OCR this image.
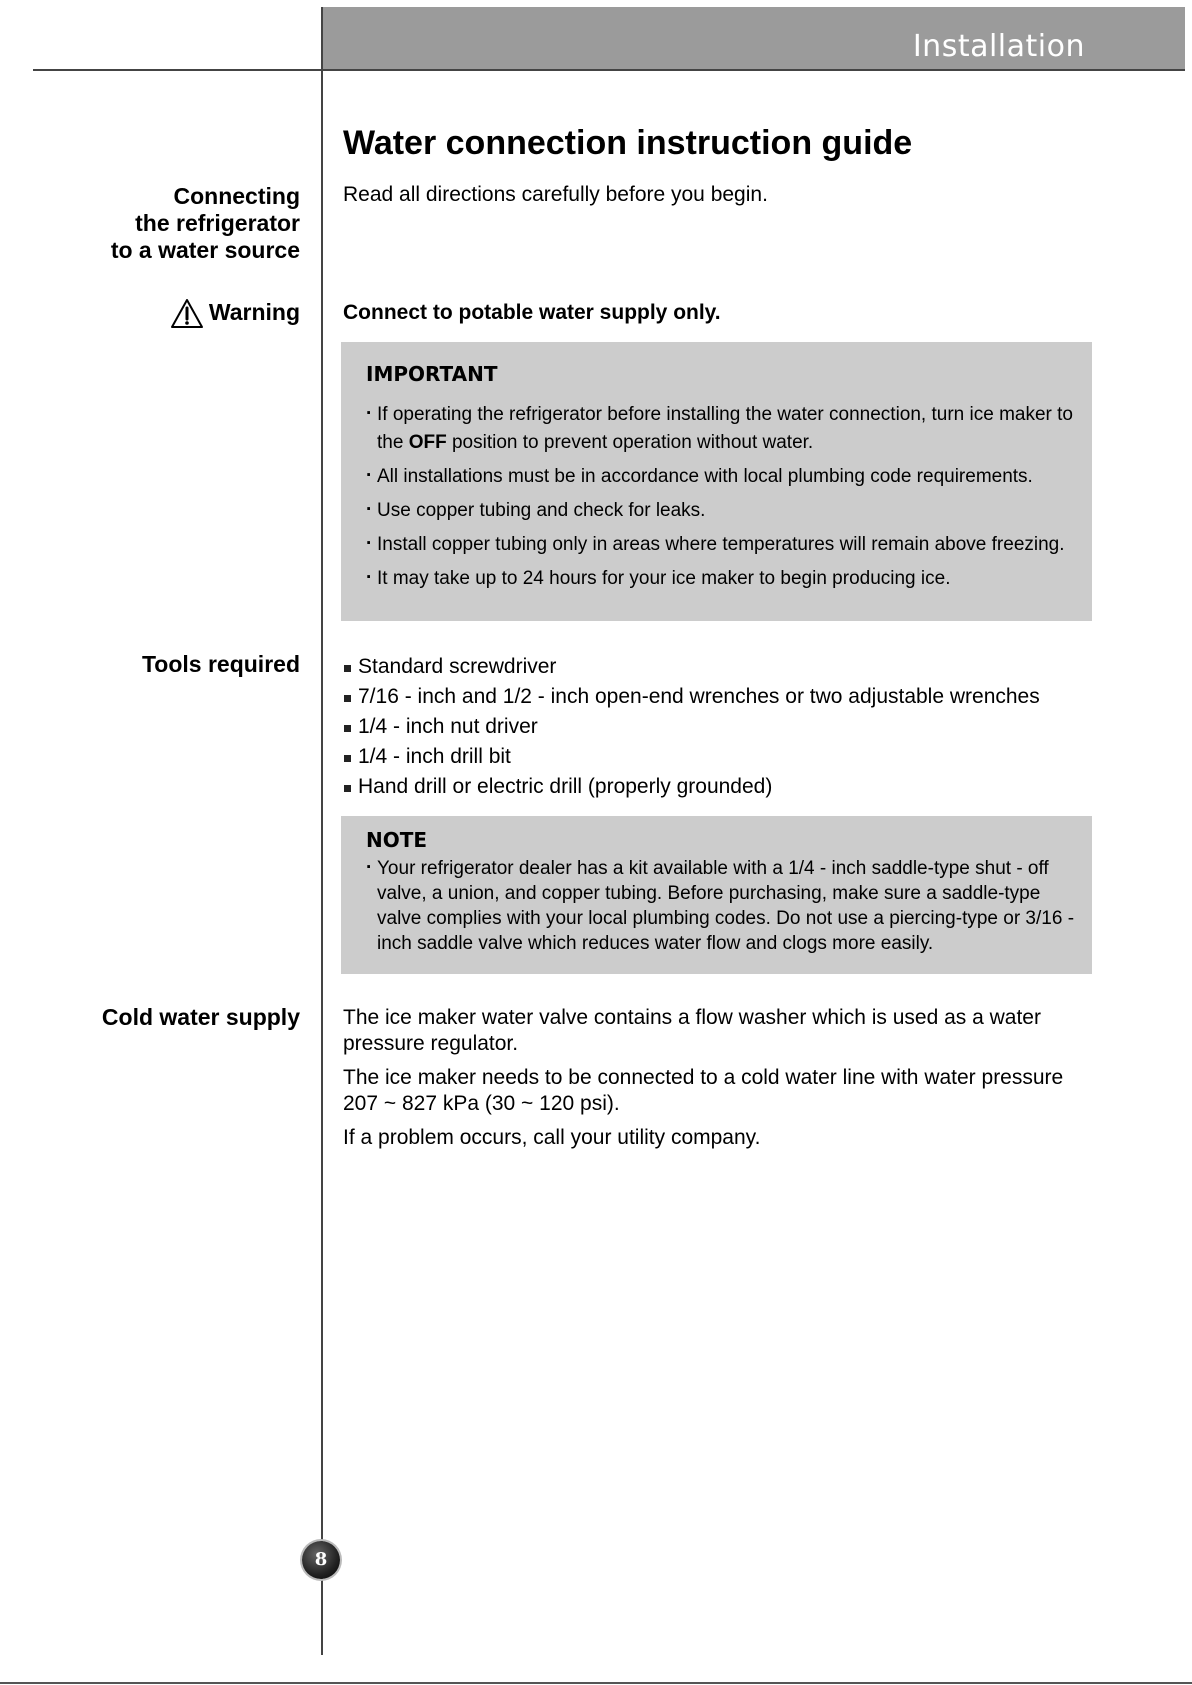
Installation
Connecting
the refrigerator
to a water source
Warning
Tools required
Cold water supply
Water connection instruction guide
Read all directions carefully before you begin.
Connect to potable water supply only.
IMPORTANT
· If operating the refrigerator before installing the water connection, turn ice maker to the OFF position to prevent operation without water.
· All installations must be in accordance with local plumbing code requirements.
· Use copper tubing and check for leaks.
· Install copper tubing only in areas where temperatures will remain above freezing.
· It may take up to 24 hours for your ice maker to begin producing ice.
Standard screwdriver
7/16 - inch and 1/2 - inch open-end wrenches or two adjustable wrenches
1/4 - inch nut driver
1/4 - inch drill bit
Hand drill or electric drill (properly grounded)
NOTE
· Your refrigerator dealer has a kit available with a 1/4 - inch saddle-type shut - off valve, a union, and copper tubing. Before purchasing, make sure a saddle-type valve complies with your local plumbing codes. Do not use a piercing-type or 3/16 - inch saddle valve which reduces water flow and clogs more easily.

The ice maker water valve contains a flow washer which is used as a water pressure regulator.

The ice maker needs to be connected to a cold water line with water pressure 207 ~ 827 kPa (30 ~ 120 psi).

If a problem occurs, call your utility company.

8
